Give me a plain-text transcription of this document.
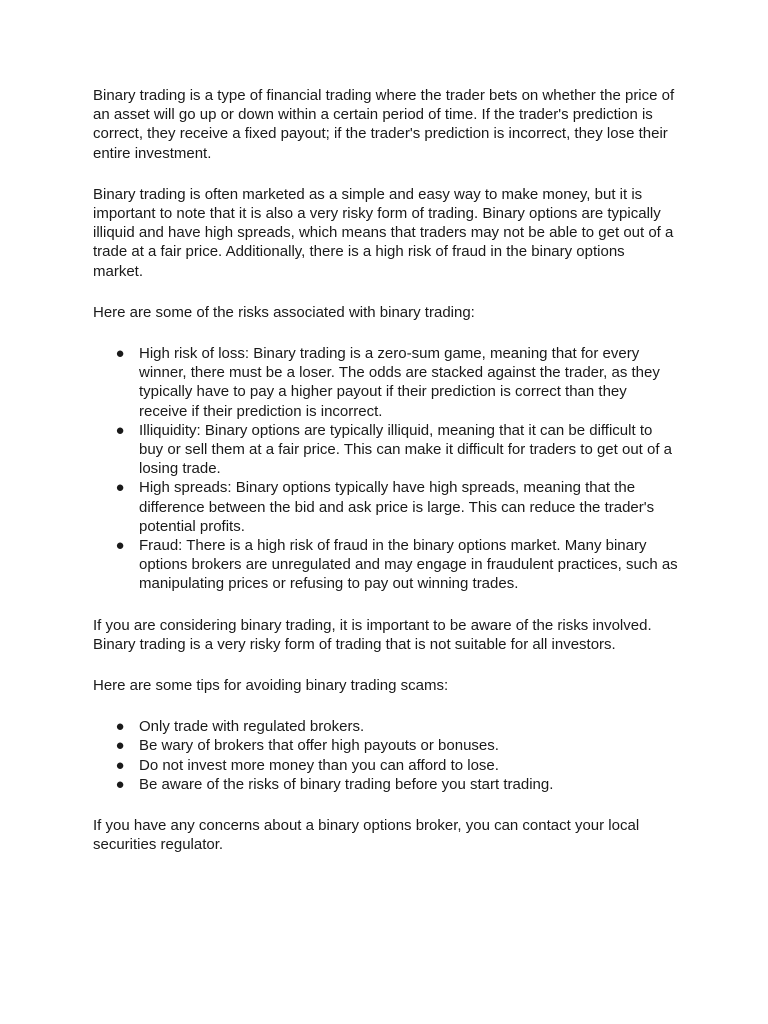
Binary trading is a type of financial trading where the trader bets on whether the price of an asset will go up or down within a certain period of time. If the trader's prediction is correct, they receive a fixed payout; if the trader's prediction is incorrect, they lose their entire investment.

Binary trading is often marketed as a simple and easy way to make money, but it is important to note that it is also a very risky form of trading. Binary options are typically illiquid and have high spreads, which means that traders may not be able to get out of a trade at a fair price. Additionally, there is a high risk of fraud in the binary options market.

Here are some of the risks associated with binary trading:

● High risk of loss: Binary trading is a zero-sum game, meaning that for every winner, there must be a loser. The odds are stacked against the trader, as they typically have to pay a higher payout if their prediction is correct than they receive if their prediction is incorrect.
● Illiquidity: Binary options are typically illiquid, meaning that it can be difficult to buy or sell them at a fair price. This can make it difficult for traders to get out of a losing trade.
● High spreads: Binary options typically have high spreads, meaning that the difference between the bid and ask price is large. This can reduce the trader's potential profits.
● Fraud: There is a high risk of fraud in the binary options market. Many binary options brokers are unregulated and may engage in fraudulent practices, such as manipulating prices or refusing to pay out winning trades.

If you are considering binary trading, it is important to be aware of the risks involved. Binary trading is a very risky form of trading that is not suitable for all investors.

Here are some tips for avoiding binary trading scams:

● Only trade with regulated brokers.
● Be wary of brokers that offer high payouts or bonuses.
● Do not invest more money than you can afford to lose.
● Be aware of the risks of binary trading before you start trading.

If you have any concerns about a binary options broker, you can contact your local securities regulator.
